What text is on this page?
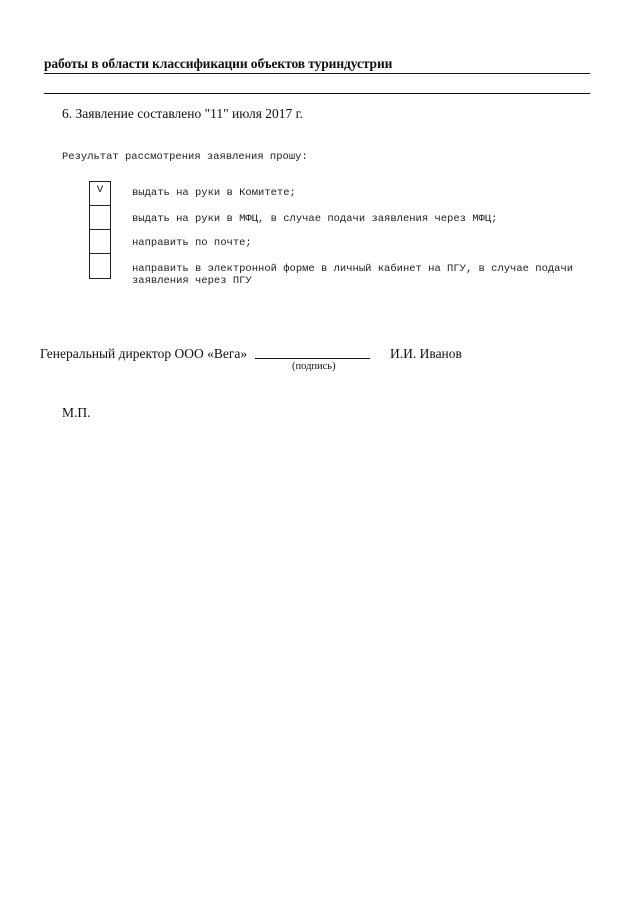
работы в области классификации объектов туриндустрии
6. Заявление составлено "11" июля 2017 г.
Результат рассмотрения заявления прошу:
V	выдать на руки в Комитете;
выдать на руки в МФЦ, в случае подачи заявления через МФЦ;
направить по почте;
направить в электронной форме в личный кабинет на ПГУ, в случае подачи заявления через ПГУ
Генеральный директор ООО «Вега»
(подпись)
И.И. Иванов
М.П.
